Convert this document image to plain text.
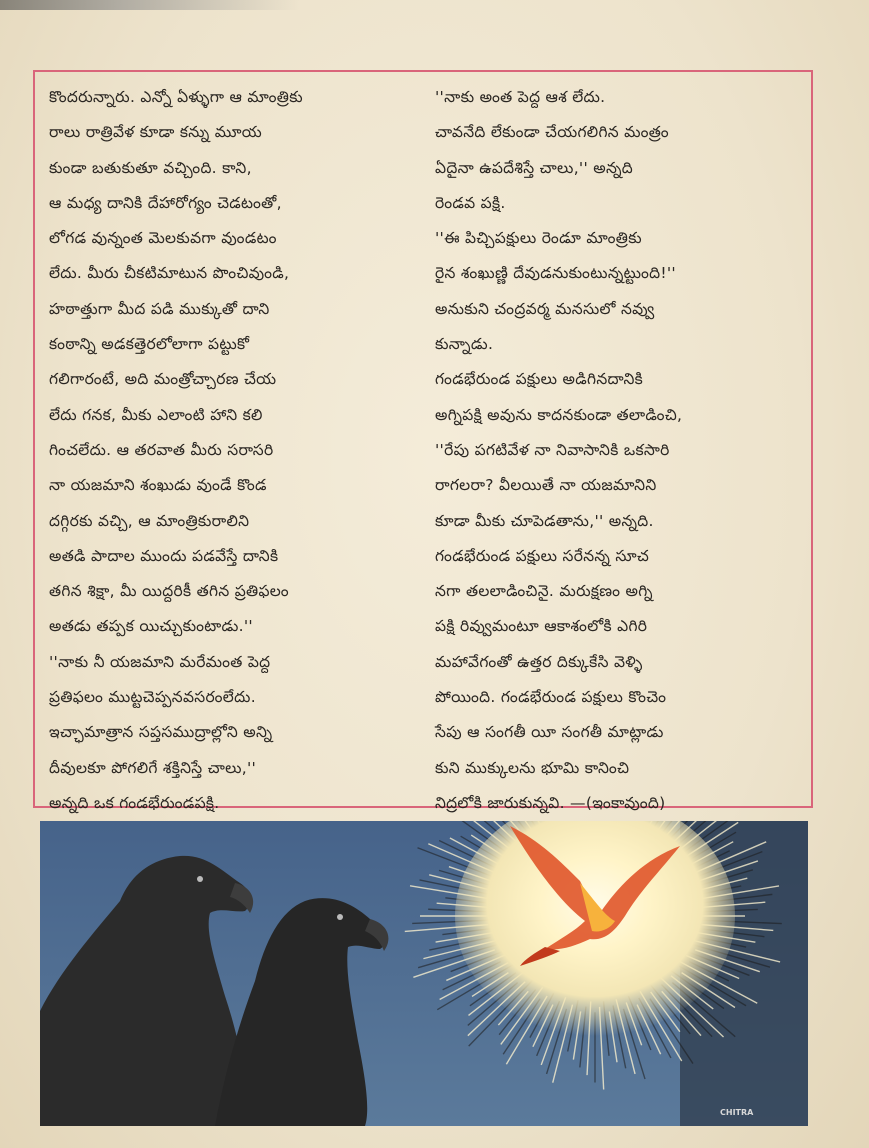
కొందరున్నారు. ఎన్నో ఏళ్ళుగా ఆ మాంత్రికు

రాలు రాత్రివేళ కూడా కన్ను మూయ

కుండా బతుకుతూ వచ్చింది. కాని,

ఆ మధ్య దానికి దేహారోగ్యం చెడటంతో,

లోగడ వున్నంత మెలకువగా వుండటం

లేదు. మీరు చీకటిమాటున పొంచివుండి,

హఠాత్తుగా మీద పడి ముక్కుతో దాని

కంఠాన్ని అడకత్తెరలోలాగా పట్టుకో

గలిగారంటే, అది మంత్రోచ్చారణ చేయ

లేదు గనక, మీకు ఎలాంటి హాని కలి

గించలేదు. ఆ తరవాత మీరు సరాసరి

నా యజమాని శంఖుడు వుండే కొండ

దగ్గిరకు వచ్చి, ఆ మాంత్రికురాలిని

అతడి పాదాల ముందు పడవేస్తే దానికి

తగిన శిక్షా, మీ యిద్దరికీ తగిన ప్రతిఫలం

అతడు తప్పక యిచ్చుకుంటాడు.''

''నాకు నీ యజమాని మరేమంత పెద్ద

ప్రతిఫలం ముట్టచెప్పనవసరంలేదు.

ఇచ్ఛామాత్రాన సప్తసముద్రాల్లోని అన్ని

దీవులకూ పోగలిగే శక్తినిస్తే చాలు,''

అన్నది ఒక గండభేరుండపక్షి.

''నాకు అంత పెద్ద ఆశ లేదు.

చావనేది లేకుండా చేయగలిగిన మంత్రం

ఏదైనా ఉపదేశిస్తే చాలు,'' అన్నది

రెండవ పక్షి.

''ఈ పిచ్చిపక్షులు రెండూ మాంత్రికు

రైన శంఖుణ్ణి దేవుడనుకుంటున్నట్టుంది!''

అనుకుని చంద్రవర్మ మనసులో నవ్వు

కున్నాడు.

గండభేరుండ పక్షులు అడిగినదానికి

అగ్నిపక్షి అవును కాదనకుండా తలాడించి,

''రేపు పగటివేళ నా నివాసానికి ఒకసారి

రాగలరా? వీలయితే నా యజమానిని

కూడా మీకు చూపెడతాను,'' అన్నది.

గండభేరుండ పక్షులు సరేనన్న సూచ

నగా తలలాడించినై. మరుక్షణం అగ్ని

పక్షి రివ్వుమంటూ ఆకాశంలోకి ఎగిరి

మహావేగంతో ఉత్తర దిక్కుకేసి వెళ్ళి

పోయింది. గండభేరుండ పక్షులు కొంచెం

సేపు ఆ సంగతీ యీ సంగతీ మాట్లాడు

కుని ముక్కులను భూమి కానించి

నిద్రలోకి జారుకున్నవి. —(ఇంకావుంది)

CHITRA
